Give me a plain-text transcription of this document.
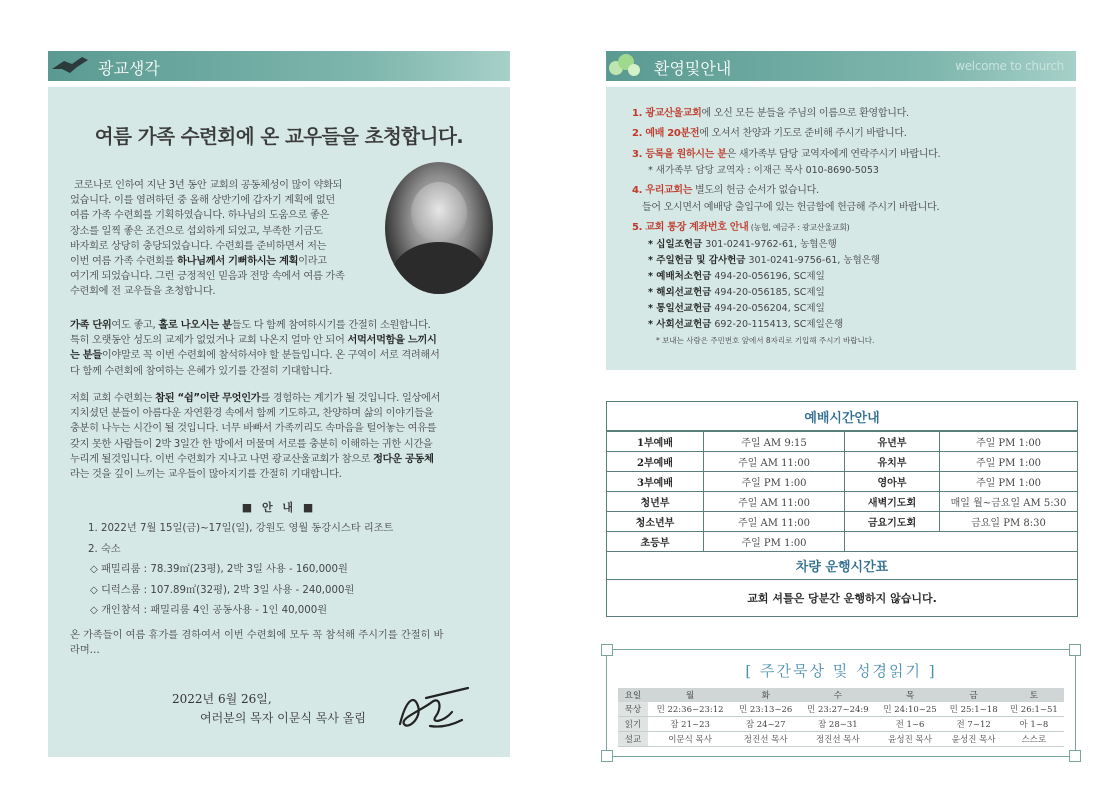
광교생각
여름 가족 수련회에 온 교우들을 초청합니다.
코로나로 인하여 지난 3년 동안 교회의 공동체성이 많이 약화되
었습니다. 이를 염려하던 중 올해 상반기에 갑자기 계획에 없던
여름 가족 수련회를 기획하였습니다. 하나님의 도움으로 좋은
장소를 일찍 좋은 조건으로 섭외하게 되었고, 부족한 기금도
바자회로 상당히 충당되었습니다. 수련회를 준비하면서 저는
이번 여름 가족 수련회를 하나님께서 기뻐하시는 계획이라고
여기게 되었습니다. 그런 긍정적인 믿음과 전망 속에서 여름 가족
수련회에 전 교우들을 초청합니다.
가족 단위여도 좋고, 홀로 나오시는 분들도 다 함께 참여하시기를 간절히 소원합니다.
특히 오랫동안 성도의 교제가 없었거나 교회 나온지 얼마 안 되어 서먹서먹함을 느끼시
는 분들이야말로 꼭 이번 수련회에 참석하셔야 할 분들입니다. 온 구역이 서로 격려해서
다 함께 수련회에 참여하는 은혜가 있기를 간절히 기대합니다.
저희 교회 수련회는 참된 “쉼”이란 무엇인가를 경험하는 계기가 될 것입니다. 일상에서
지치셨던 분들이 아름다운 자연환경 속에서 함께 기도하고, 찬양하며 삶의 이야기들을
충분히 나누는 시간이 될 것입니다. 너무 바빠서 가족끼리도 속마음을 털어놓는 여유를
갖지 못한 사람들이 2박 3일간 한 방에서 머물며 서로를 충분히 이해하는 귀한 시간을
누리게 될것입니다. 이번 수련회가 지나고 나면 광교산울교회가 참으로 정다운 공동체
라는 것을 깊이 느끼는 교우들이 많아지기를 간절히 기대합니다.
■ 안 내 ■
1. 2022년 7월 15일(금)~17일(일), 강원도 영월 동강시스타 리조트
2. 숙소
◇ 패밀리룸 : 78.39㎡(23평), 2박 3일 사용 - 160,000원
◇ 디럭스룸 : 107.89㎡(32평), 2박 3일 사용 - 240,000원
◇ 개인참석 : 패밀리룸 4인 공동사용 - 1인 40,000원
온 가족들이 여름 휴가를 겸하여서 이번 수련회에 모두 꼭 참석해 주시기를 간절히 바
라며…
2022년 6월 26일,
여러분의 목자 이문식 목사 올림
환영및안내	welcome to church
1. 광교산울교회에 오신 모든 분들을 주님의 이름으로 환영합니다.
2. 예배 20분전에 오셔서 찬양과 기도로 준비해 주시기 바랍니다.
3. 등록을 원하시는 분은 새가족부 담당 교역자에게 연락주시기 바랍니다.
* 새가족부 담당 교역자 : 이재근 목사 010-8690-5053
4. 우리교회는 별도의 헌금 순서가 없습니다.
들어 오시면서 예배당 출입구에 있는 헌금함에 헌금해 주시기 바랍니다.
5. 교회 통장 계좌번호 안내 (농협, 예금주 : 광교산울교회)
* 십일조헌금 301-0241-9762-61, 농협은행
* 주일헌금 및 감사헌금 301-0241-9756-61, 농협은행
* 예배처소헌금 494-20-056196, SC제일
* 해외선교헌금 494-20-056185, SC제일
* 통일선교헌금 494-20-056204, SC제일
* 사회선교헌금 692-20-115413, SC제일은행
* 보내는 사람은 주민번호 앞에서 8자리로 기입해 주시기 바랍니다.
예배시간안내			
1부예배	주일 AM 9:15	유년부	주일 PM 1:00
2부예배	주일 AM 11:00	유치부	주일 PM 1:00
3부예배	주일 PM 1:00	영아부	주일 PM 1:00
청년부	주일 AM 11:00	새벽기도회	매일 월~금요일 AM 5:30
청소년부	주일 AM 11:00	금요기도회	금요일 PM 8:30
초등부	주일 PM 1:00		
차량 운행시간표			
교회 셔틀은 당분간 운행하지 않습니다.			
[ 주간묵상 및 성경읽기 ]
요일	월	화	수	목	금	토
묵상	민 22:36~23:12	민 23:13~26	민 23:27~24:9	민 24:10~25	민 25:1~18	민 26:1~51
읽기	잠 21~23	잠 24~27	잠 28~31	전 1~6	전 7~12	아 1~8
설교	이문식 목사	정진선 목사	정진선 목사	윤성진 목사	윤성진 목사	스스로
